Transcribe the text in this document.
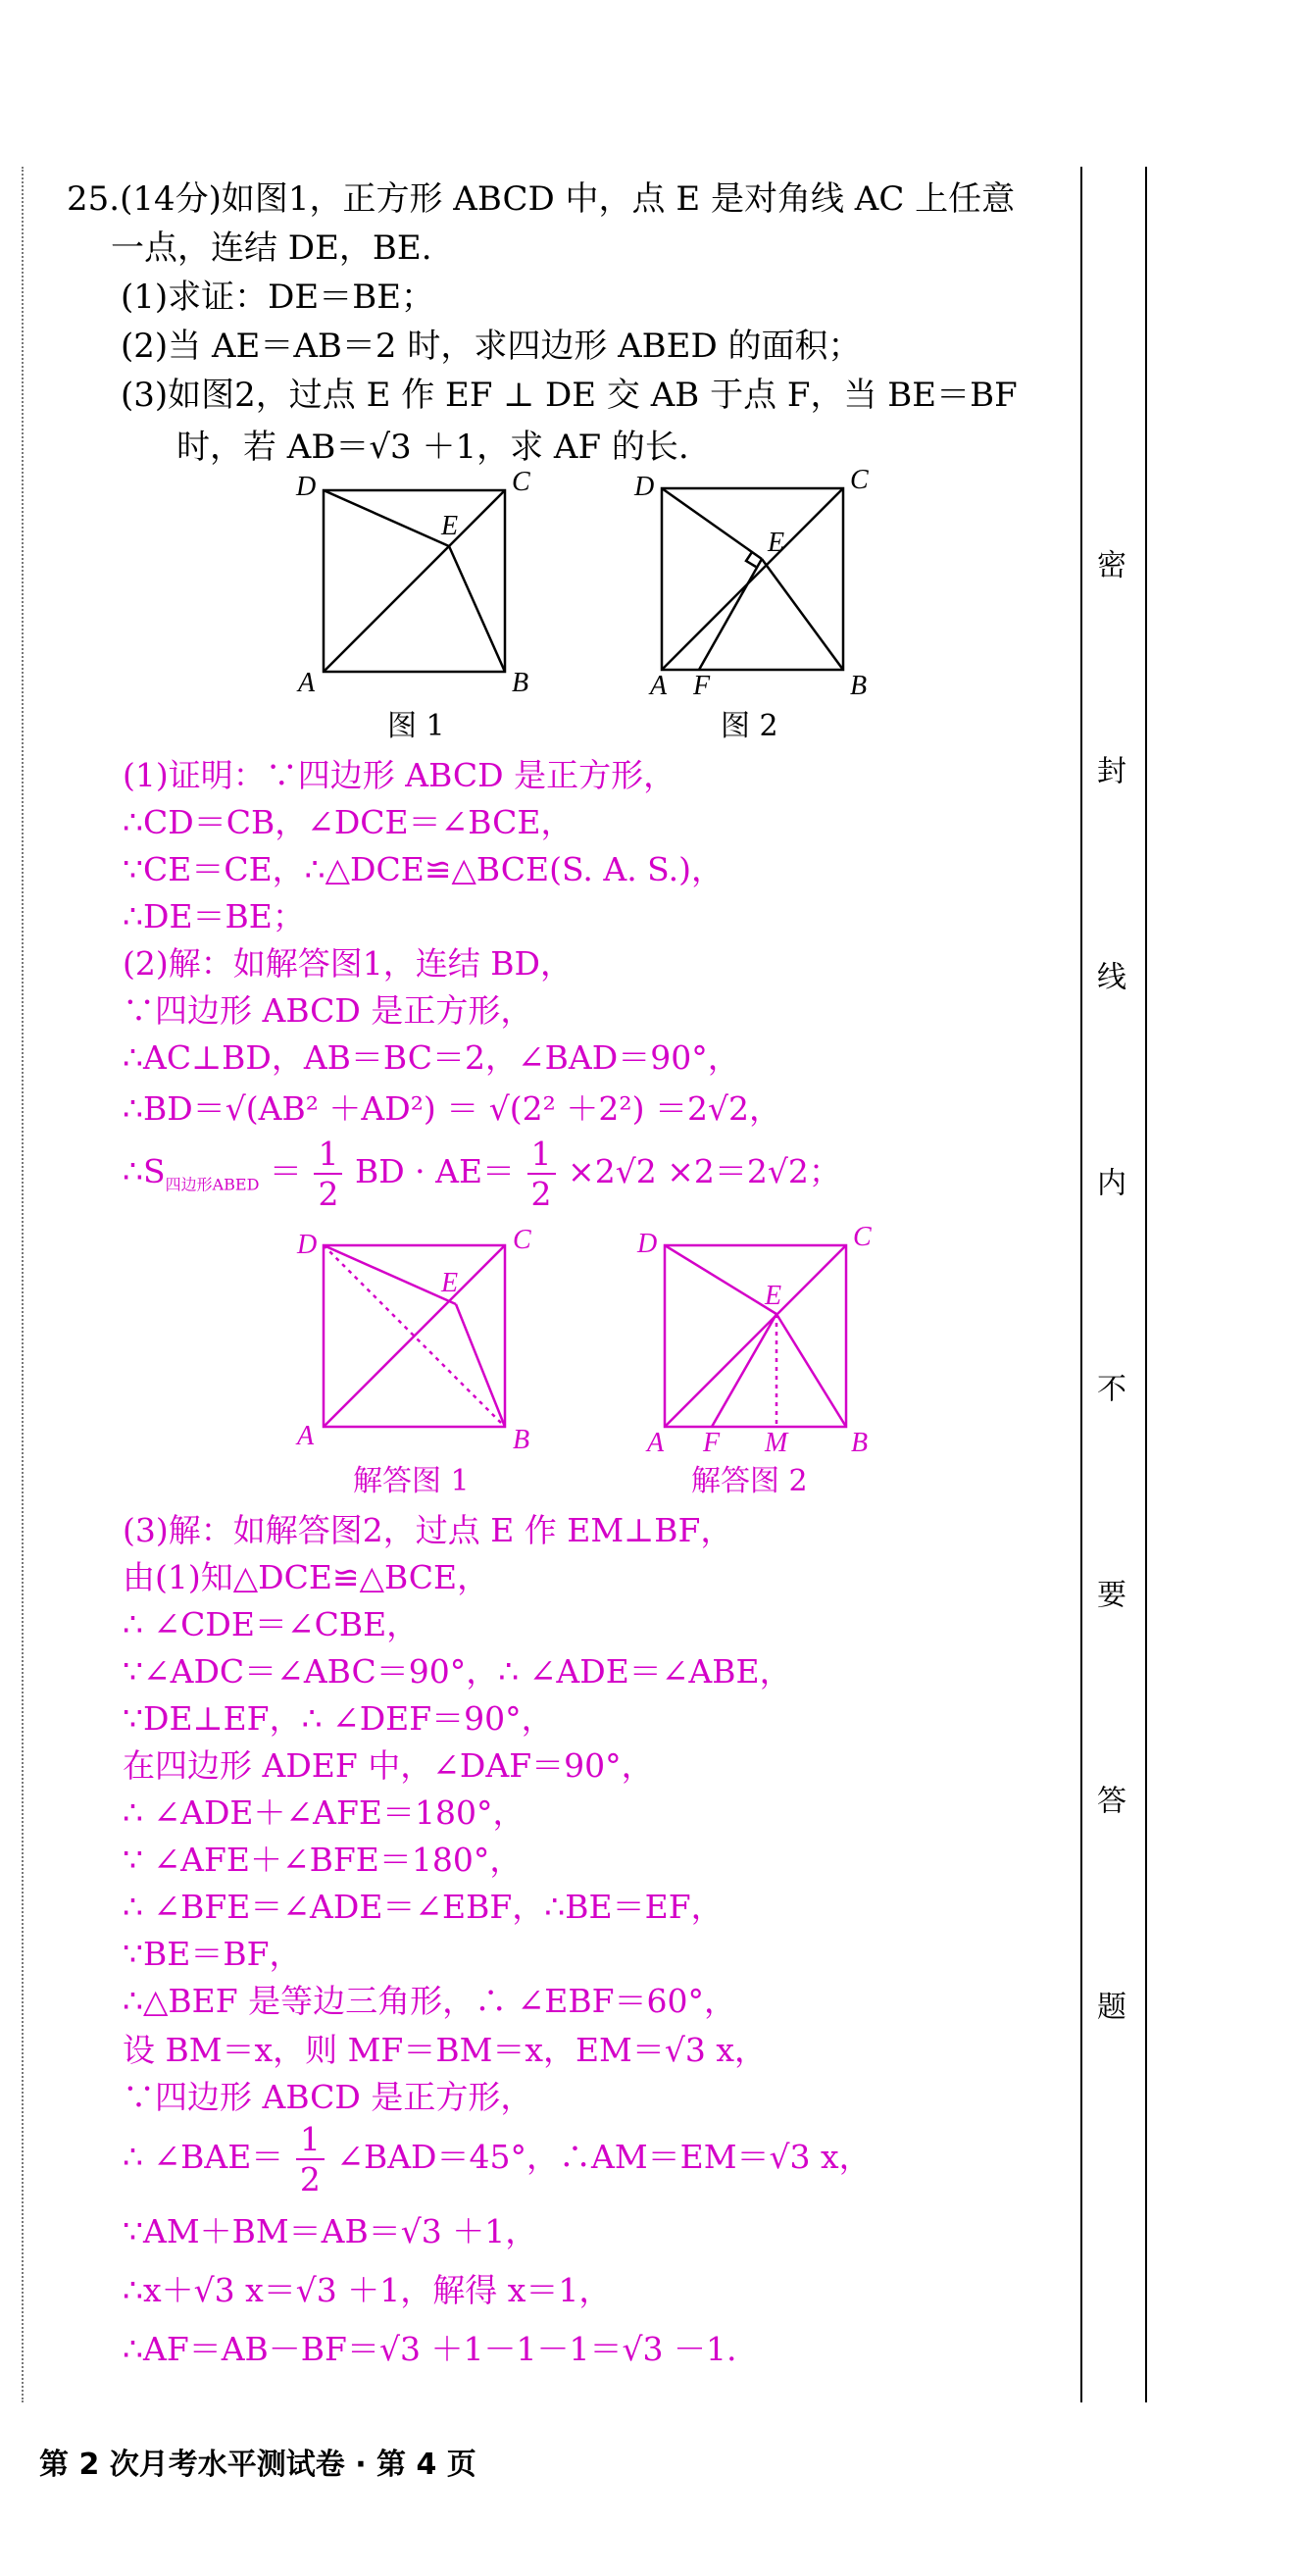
密
封
线
内
不
要
答
题
25.(14分)如图1，正方形 ABCD 中，点 E 是对角线 AC 上任意
一点，连结 DE，BE.
(1)求证：DE＝BE；
(2)当 AE＝AB＝2 时，求四边形 ABED 的面积；
(3)如图2，过点 E 作 EF ⊥ DE 交 AB 于点 F，当 BE＝BF
时，若 AB＝√3 ＋1，求 AF 的长.
D	C
E
A	B
图 1
D	C
E
A F	B
图 2
(1)证明：∵四边形 ABCD 是正方形，
∴CD＝CB，∠DCE＝∠BCE，
∵CE＝CE，∴△DCE≌△BCE(S. A. S.)，
∴DE＝BE；
(2)解：如解答图1，连结 BD，
∵四边形 ABCD 是正方形，
∴AC⊥BD，AB＝BC＝2，∠BAD＝90°，
∴BD＝√(AB² ＋AD²) ＝ √(2² ＋2²) ＝2√2，
$\therefore S_{四边形ABED} = \frac{1}{2}$ BD · $AE= \frac{1}{2} \times 2√2 \times 2=2√2$；
D	C
E
A	B
解答图 1
D	C
E
A F M B
解答图 2
(3)解：如解答图2，过点 E 作 EM⊥BF，
由(1)知△DCE≌△BCE，
∴ ∠CDE＝∠CBE，
∵∠ADC＝∠ABC＝90°，∴ ∠ADE＝∠ABE，
∵DE⊥EF，∴ ∠DEF＝90°，
在四边形 ADEF 中，∠DAF＝90°，
∴ ∠ADE＋∠AFE＝180°，
∵ ∠AFE＋∠BFE＝180°，
∴ ∠BFE＝∠ADE＝∠EBF，∴BE＝EF，
∵BE＝BF，
∴△BEF 是等边三角形，∴ ∠EBF＝60°，
设 BM＝x，则 MF＝BM＝x，EM＝√3 x，
∵四边形 ABCD 是正方形，
∴ ∠BAE＝ $\frac{1}{2}$ ∠BAD＝45°，∴AM＝EM＝√3 x，
∵AM＋BM＝AB＝√3 ＋1，
∴x＋√3 x＝√3 ＋1，解得 x＝1，
∴AF＝AB－BF＝√3 ＋1－1－1＝√3 －1.
第 2 次月考水平测试卷 · 第 4 页
